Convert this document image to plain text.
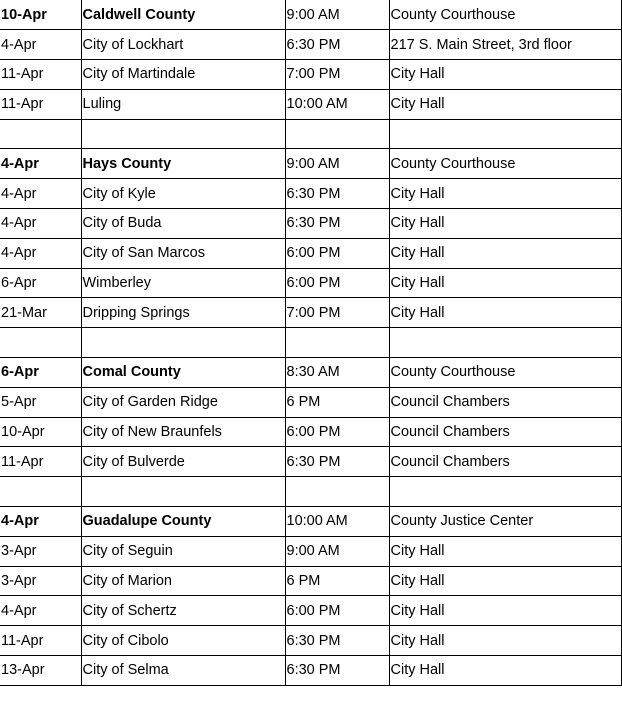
10-Apr	Caldwell County	9:00 AM	County Courthouse
4-Apr	City of Lockhart	6:30 PM	217 S. Main Street, 3rd floor
11-Apr	City of Martindale	7:00 PM	City Hall
11-Apr	Luling	10:00 AM	City Hall

4-Apr	Hays County	9:00 AM	County Courthouse
4-Apr	City of Kyle	6:30 PM	City Hall
4-Apr	City of Buda	6:30 PM	City Hall
4-Apr	City of San Marcos	6:00 PM	City Hall
6-Apr	Wimberley	6:00 PM	City Hall
21-Mar	Dripping Springs	7:00 PM	City Hall

6-Apr	Comal County	8:30 AM	County Courthouse
5-Apr	City of Garden Ridge	6 PM	Council Chambers
10-Apr	City of New Braunfels	6:00 PM	Council Chambers
11-Apr	City of Bulverde	6:30 PM	Council Chambers

4-Apr	Guadalupe County	10:00 AM	County Justice Center
3-Apr	City of Seguin	9:00 AM	City Hall
3-Apr	City of Marion	6 PM	City Hall
4-Apr	City of Schertz	6:00 PM	City Hall
11-Apr	City of Cibolo	6:30 PM	City Hall
13-Apr	City of Selma	6:30 PM	City Hall
